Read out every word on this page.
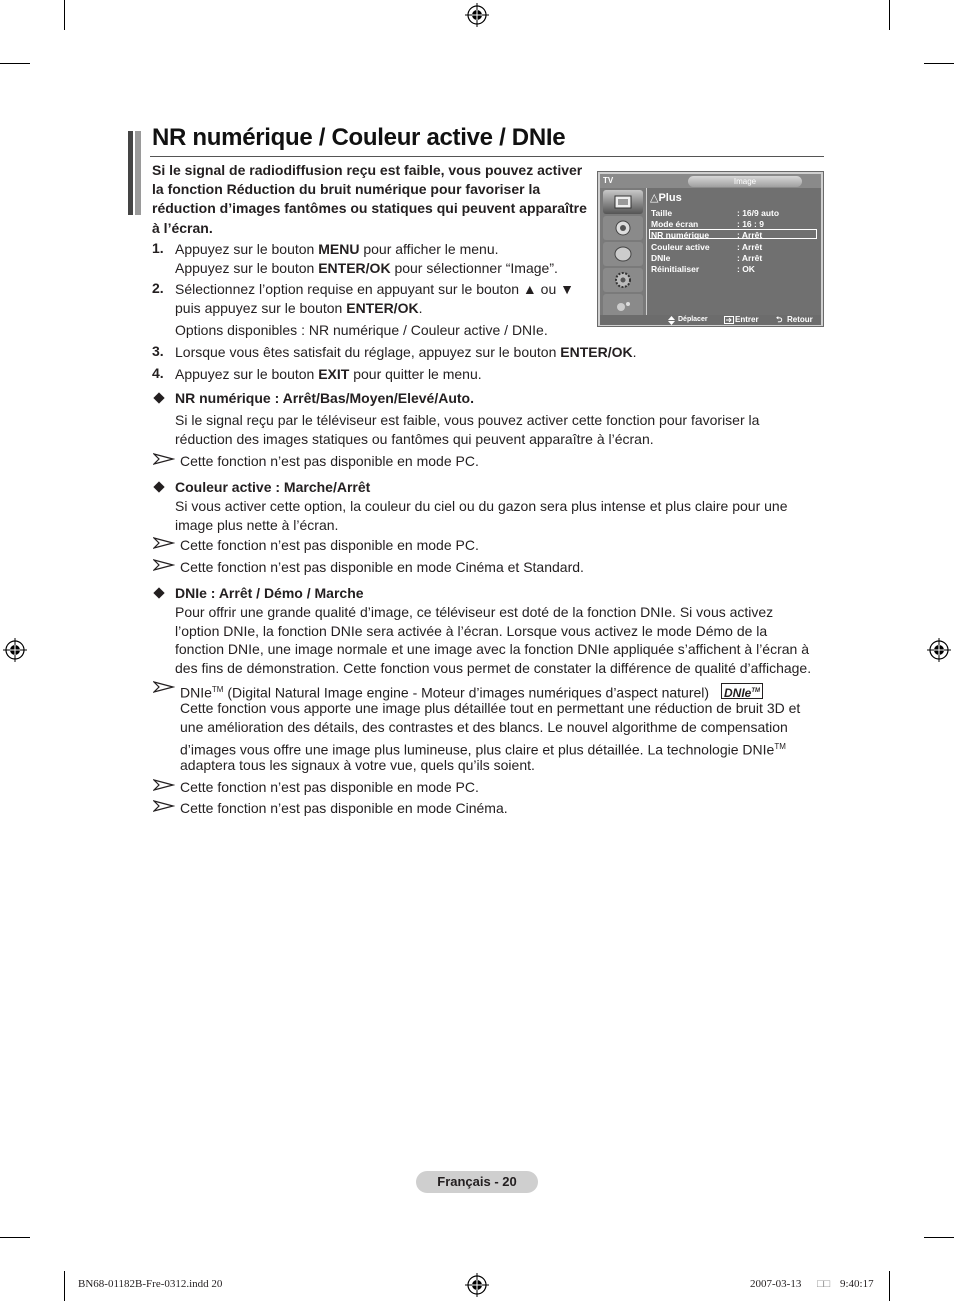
NR numérique / Couleur active / DNIe
Si le signal de radiodiffusion reçu est faible, vous pouvez activer la fonction Réduction du bruit numérique pour favoriser la réduction d’images fantômes ou statiques qui peuvent apparaître à l’écran.
TV	Image
△Plus
Taille	: 16/9 auto
Mode écran	: 16 : 9
NR numérique	: Arrêt
Couleur active	: Arrêt
DNIe	: Arrêt
Réinitialiser	: OK
Déplacer	Entrer ⮌ Retour
1. Appuyez sur le bouton MENU pour afficher le menu.
Appuyez sur le bouton ENTER/OK pour sélectionner “Image”.
2. Sélectionnez l’option requise en appuyant sur le bouton ▲ ou ▼
puis appuyez sur le bouton ENTER/OK.
Options disponibles : NR numérique / Couleur active / DNIe.
3. Lorsque vous êtes satisfait du réglage, appuyez sur le bouton ENTER/OK.
4. Appuyez sur le bouton EXIT pour quitter le menu.
NR numérique : Arrêt/Bas/Moyen/Elevé/Auto.
Si le signal reçu par le téléviseur est faible, vous pouvez activer cette fonction pour favoriser la
réduction des images statiques ou fantômes qui peuvent apparaître à l’écran.
Cette fonction n’est pas disponible en mode PC.
Couleur active : Marche/Arrêt
Si vous activer cette option, la couleur du ciel ou du gazon sera plus intense et plus claire pour une
image plus nette à l’écran.
Cette fonction n’est pas disponible en mode PC.
Cette fonction n’est pas disponible en mode Cinéma et Standard.
DNIe : Arrêt / Démo / Marche
Pour offrir une grande qualité d’image, ce téléviseur est doté de la fonction DNIe. Si vous activez
l’option DNIe, la fonction DNIe sera activée à l’écran. Lorsque vous activez le mode Démo de la
fonction DNIe, une image normale et une image avec la fonction DNIe appliquée s’affichent à l’écran à
des fins de démonstration. Cette fonction vous permet de constater la différence de qualité d’affichage.
DNIe™ (Digital Natural Image engine - Moteur d’images numériques d’aspect naturel) DNIe™
Cette fonction vous apporte une image plus détaillée tout en permettant une réduction de bruit 3D et
une amélioration des détails, des contrastes et des blancs. Le nouvel algorithme de compensation
d’images vous offre une image plus lumineuse, plus claire et plus détaillée. La technologie DNIe™
adaptera tous les signaux à votre vue, quels qu’ils soient.
Cette fonction n’est pas disponible en mode PC.
Cette fonction n’est pas disponible en mode Cinéma.
Français - 20
BN68-01182B-Fre-0312.indd 20	2007-03-13 □□ 9:40:17
